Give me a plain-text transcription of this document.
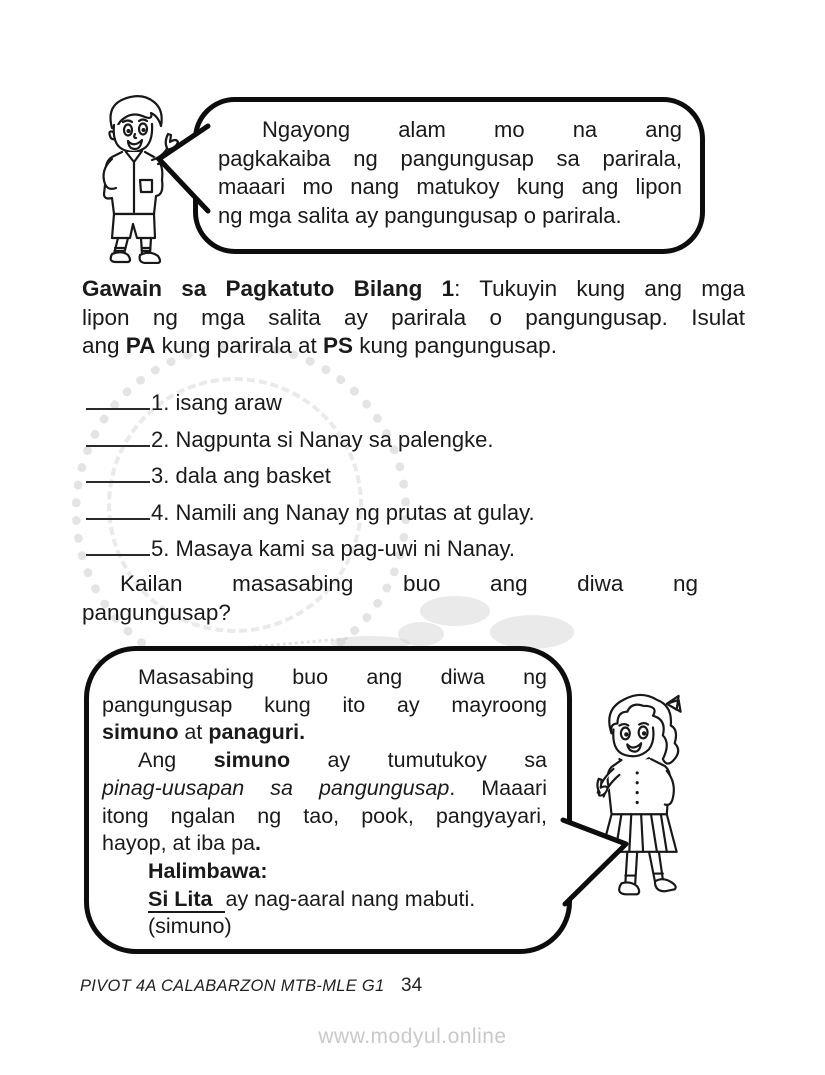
Ngayong alam mo na ang
pagkakaiba ng pangungusap sa parirala,
maaari mo nang matukoy kung ang lipon
ng mga salita ay pangungusap o parirala.
Gawain sa Pagkatuto Bilang 1: Tukuyin kung ang mga
lipon ng mga salita ay parirala o pangungusap. Isulat
ang PA kung parirala at PS kung pangungusap.
1. isang araw
2. Nagpunta si Nanay sa palengke.
3. dala ang basket
4. Namili ang Nanay ng prutas at gulay.
5. Masaya kami sa pag-uwi ni Nanay.
Kailan masasabing buo ang diwa ng
pangungusap?
Masasabing buo ang diwa ng
pangungusap kung ito ay mayroong
simuno at panaguri.
Ang simuno ay tumutukoy sa
pinag-uusapan sa pangungusap. Maaari
itong ngalan ng tao, pook, pangyayari,
hayop, at iba pa.
Halimbawa:
Si Lita ay nag-aaral nang mabuti.
(simuno)
PIVOT 4A CALABARZON MTB-MLE G1 34
www.modyul.online
